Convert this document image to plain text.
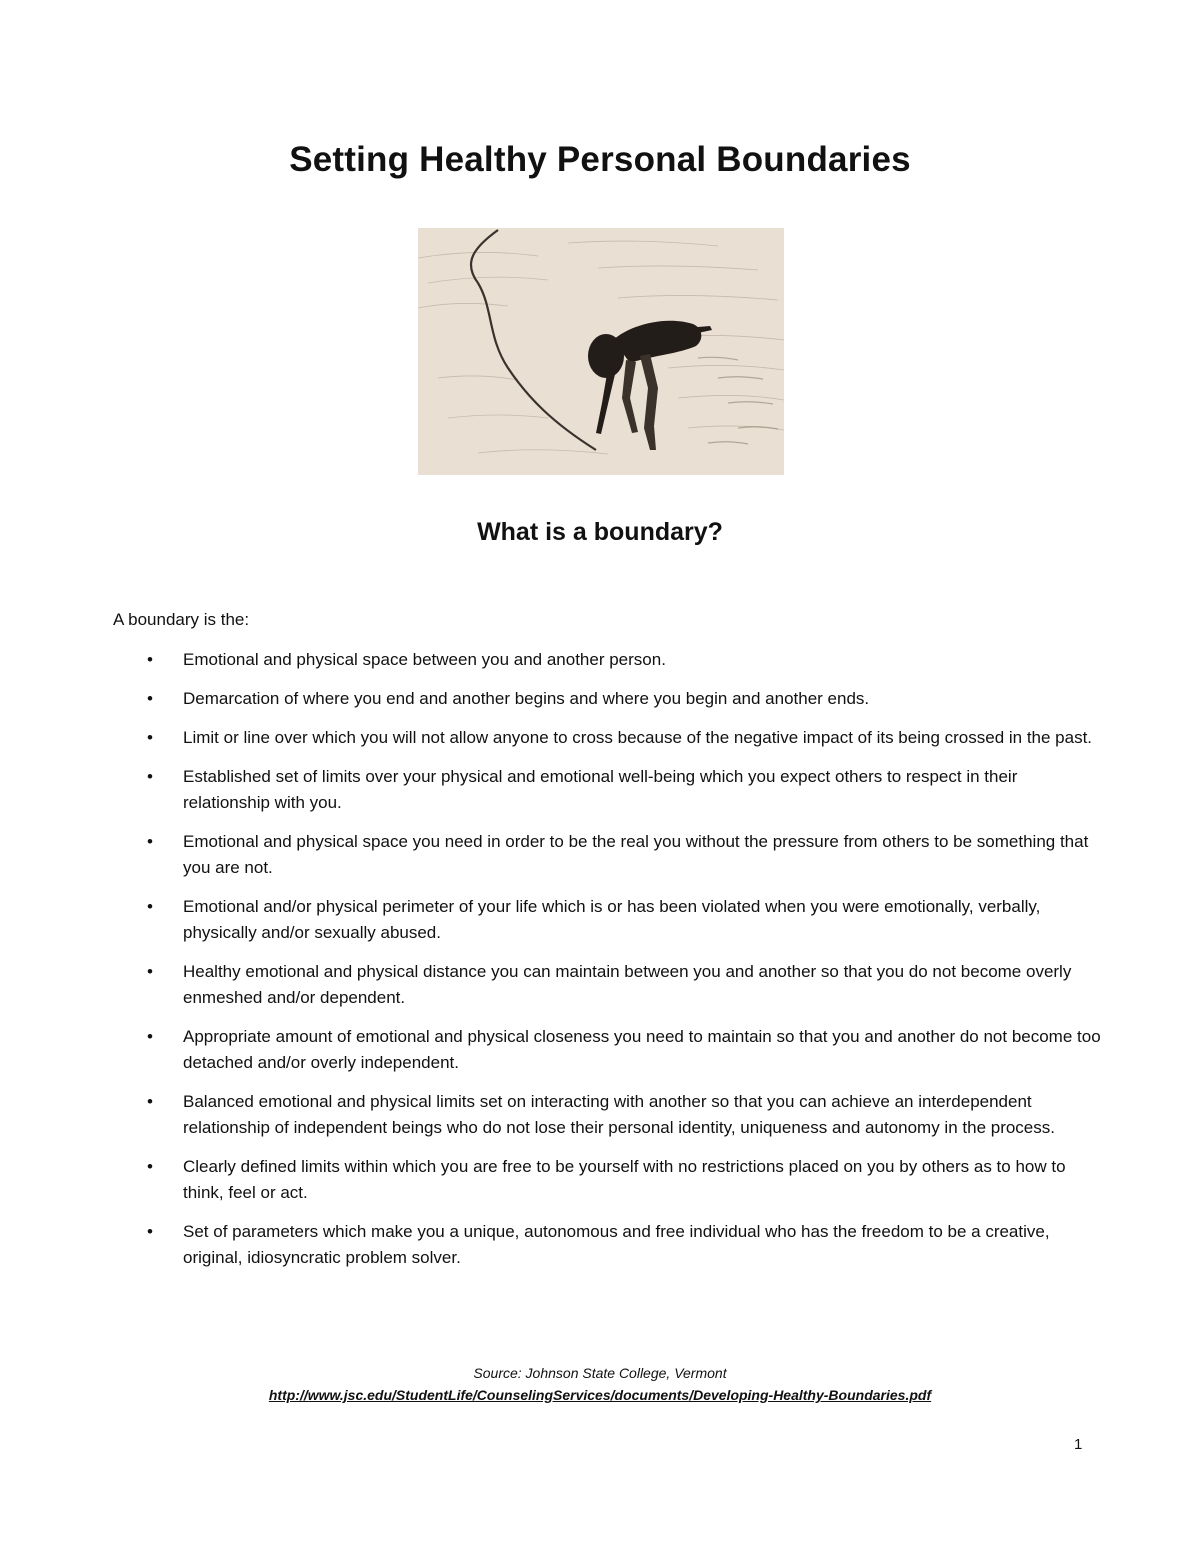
Setting Healthy Personal Boundaries
What is a boundary?

A boundary is the:

• Emotional and physical space between you and another person.
• Demarcation of where you end and another begins and where you begin and another ends.
• Limit or line over which you will not allow anyone to cross because of the negative impact of its being crossed in the past.
• Established set of limits over your physical and emotional well-being which you expect others to respect in their relationship with you.
• Emotional and physical space you need in order to be the real you without the pressure from others to be something that you are not.
• Emotional and/or physical perimeter of your life which is or has been violated when you were emotionally, verbally, physically and/or sexually abused.
• Healthy emotional and physical distance you can maintain between you and another so that you do not become overly enmeshed and/or dependent.
• Appropriate amount of emotional and physical closeness you need to maintain so that you and another do not become too detached and/or overly independent.
• Balanced emotional and physical limits set on interacting with another so that you can achieve an interdependent relationship of independent beings who do not lose their personal identity, uniqueness and autonomy in the process.
• Clearly defined limits within which you are free to be yourself with no restrictions placed on you by others as to how to think, feel or act.
• Set of parameters which make you a unique, autonomous and free individual who has the freedom to be a creative, original, idiosyncratic problem solver.
Source: Johnson State College, Vermont
http://www.jsc.edu/StudentLife/CounselingServices/documents/Developing-Healthy-Boundaries.pdf
1
